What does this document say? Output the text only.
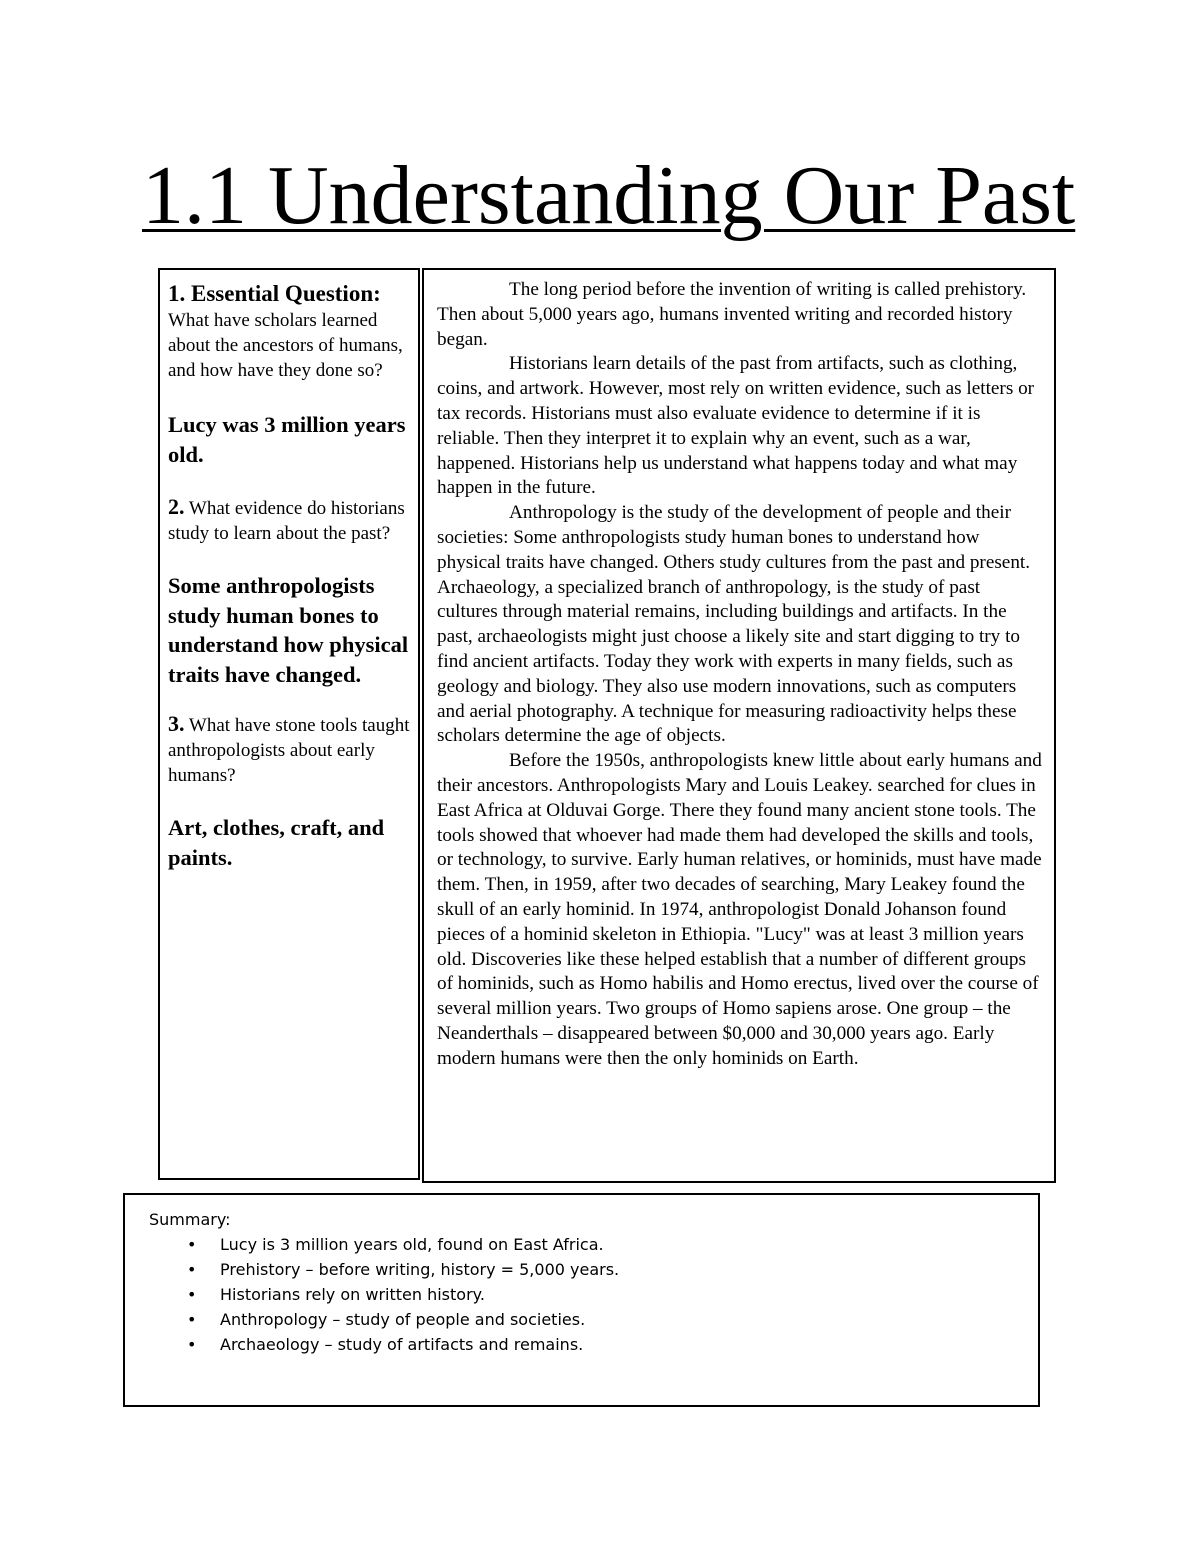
1.1 Understanding Our Past

1. Essential Question:

What have scholars learned about the ancestors of humans, and how have they done so?

Lucy was 3 million years old.

2. What evidence do historians study to learn about the past?

Some anthropologists study human bones to understand how physical traits have changed.

3. What have stone tools taught anthropologists about early humans?

Art, clothes, craft, and paints.

The long period before the invention of writing is called prehistory. Then about 5,000 years ago, humans invented writing and recorded history began.

Historians learn details of the past from artifacts, such as clothing, coins, and artwork. However, most rely on written evidence, such as letters or tax records. Historians must also evaluate evidence to determine if it is reliable. Then they interpret it to explain why an event, such as a war, happened. Historians help us understand what happens today and what may happen in the future.

Anthropology is the study of the development of people and their societies: Some anthropologists study human bones to understand how physical traits have changed. Others study cultures from the past and present. Archaeology, a specialized branch of anthropology, is the study of past cultures through material remains, including buildings and artifacts. In the past, archaeologists might just choose a likely site and start digging to try to find ancient artifacts. Today they work with experts in many fields, such as geology and biology. They also use modern innovations, such as computers and aerial photography. A technique for measuring radioactivity helps these scholars determine the age of objects.

Before the 1950s, anthropologists knew little about early humans and their ancestors. Anthropologists Mary and Louis Leakey. searched for clues in East Africa at Olduvai Gorge. There they found many ancient stone tools. The tools showed that whoever had made them had developed the skills and tools, or technology, to survive. Early human relatives, or hominids, must have made them. Then, in 1959, after two decades of searching, Mary Leakey found the skull of an early hominid. In 1974, anthropologist Donald Johanson found pieces of a hominid skeleton in Ethiopia. "Lucy" was at least 3 million years old. Discoveries like these helped establish that a number of different groups of hominids, such as Homo habilis and Homo erectus, lived over the course of several million years. Two groups of Homo sapiens arose. One group – the Neanderthals – disappeared between $0,000 and 30,000 years ago. Early modern humans were then the only hominids on Earth.

Summary:

• Lucy is 3 million years old, found on East Africa.
• Prehistory – before writing, history = 5,000 years.
• Historians rely on written history.
• Anthropology – study of people and societies.
• Archaeology – study of artifacts and remains.
